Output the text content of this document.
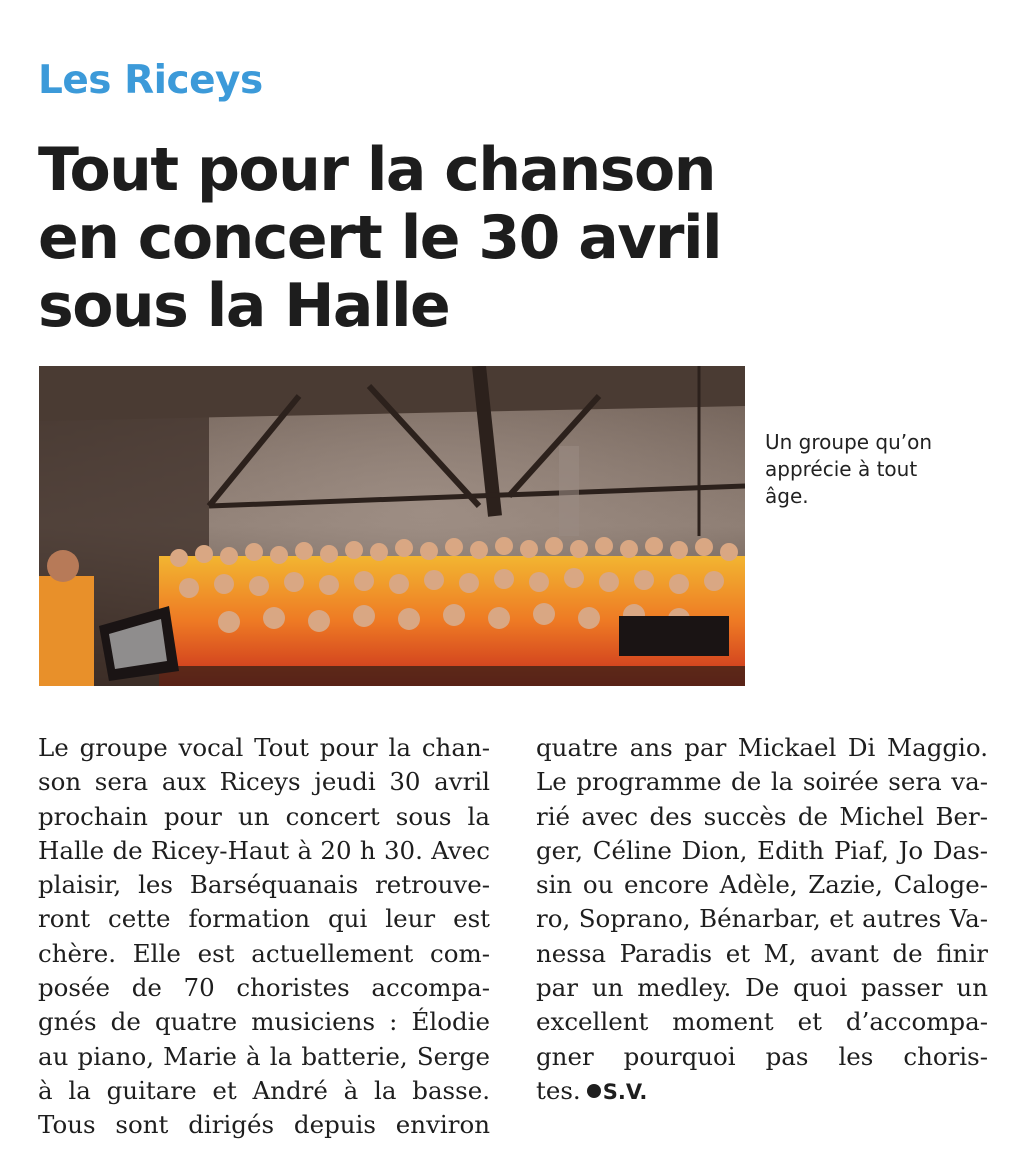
Les Riceys
Tout pour la chanson
en concert le 30 avril
sous la Halle
Un groupe qu’on apprécie à tout âge.
Le groupe vocal Tout pour la chan-
son sera aux Riceys jeudi 30 avril
prochain pour un concert sous la
Halle de Ricey-Haut à 20 h 30. Avec
plaisir, les Barséquanais retrouve-
ront cette formation qui leur est
chère. Elle est actuellement com-
posée de 70 choristes accompa-
gnés de quatre musiciens : Élodie
au piano, Marie à la batterie, Serge
à la guitare et André à la basse.
Tous sont dirigés depuis environ
quatre ans par Mickael Di Maggio.
Le programme de la soirée sera va-
rié avec des succès de Michel Ber-
ger, Céline Dion, Edith Piaf, Jo Das-
sin ou encore Adèle, Zazie, Caloge-
ro, Soprano, Bénarbar, et autres Va-
nessa Paradis et M, avant de finir
par un medley. De quoi passer un
excellent moment et d’accompa-
gner pourquoi pas les choris-
tes. S.V.
